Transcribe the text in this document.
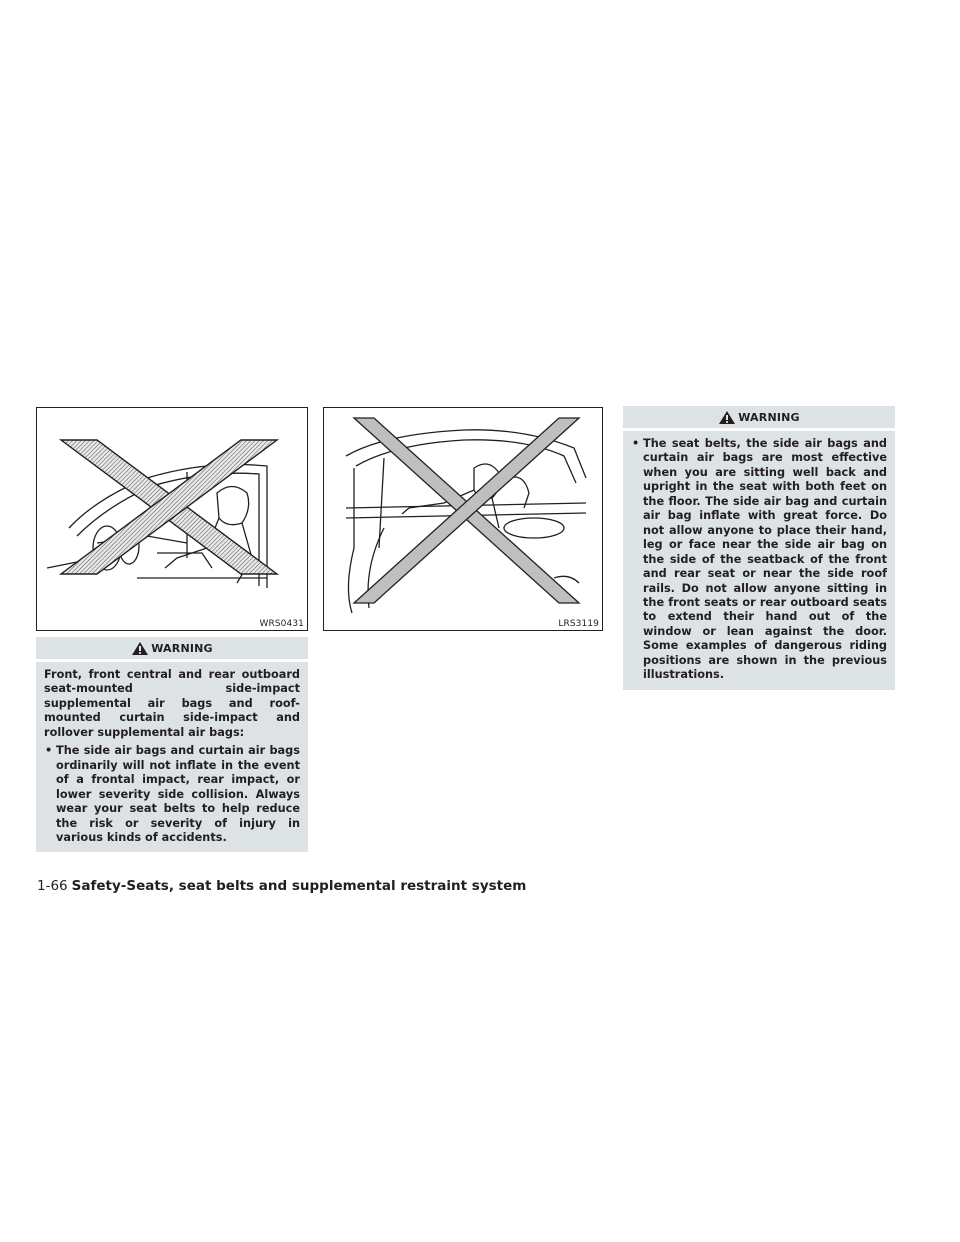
WRS0431	LRS3119
WARNING

Front, front central and rear outboard seat-mounted side-impact supplemental air bags and roof-mounted curtain side-impact and rollover supplemental air bags:

• The side air bags and curtain air bags ordinarily will not inflate in the event of a frontal impact, rear impact, or lower severity side collision. Always wear your seat belts to help reduce the risk or severity of injury in various kinds of accidents.

WARNING

• The seat belts, the side air bags and curtain air bags are most effective when you are sitting well back and upright in the seat with both feet on the floor. The side air bag and curtain air bag inflate with great force. Do not allow anyone to place their hand, leg or face near the side air bag on the side of the seatback of the front and rear seat or near the side roof rails. Do not allow anyone sitting in the front seats or rear outboard seats to extend their hand out of the window or lean against the door. Some examples of dangerous riding positions are shown in the previous illustrations.

1-66 Safety-Seats, seat belts and supplemental restraint system
